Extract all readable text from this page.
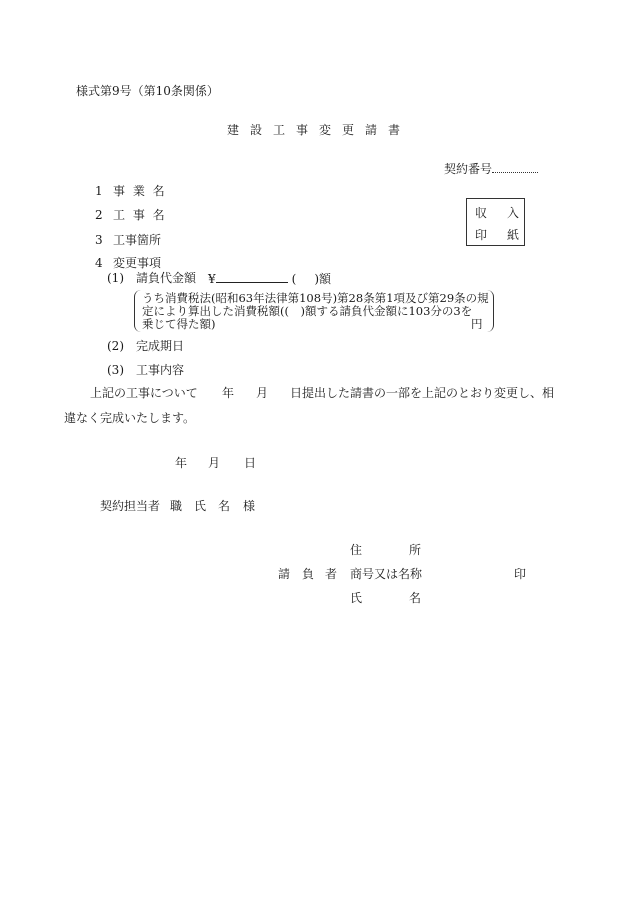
様式第9号（第10条関係）
建設工事変更請書
契約番号
収 入
印 紙
1 事 業 名
2 工 事 名
3 工事箇所
4 変更事項
(1) 請負代金額 ¥	( )額
うち消費税法(昭和63年法律第108号)第28条第1項及び第29条の規
定により算出した消費税額((　)額する請負代金額に103分の3を
乗じて得た額)	円
(2) 完成期日
(3) 工事内容
上記の工事について 年 月 日提出した請書の一部を上記のとおり変更し、相
違なく完成いたします。
年 月 日
契約担当者 職 氏 名 様
住	所
請 負 者 商号又は名称	印
氏	名
